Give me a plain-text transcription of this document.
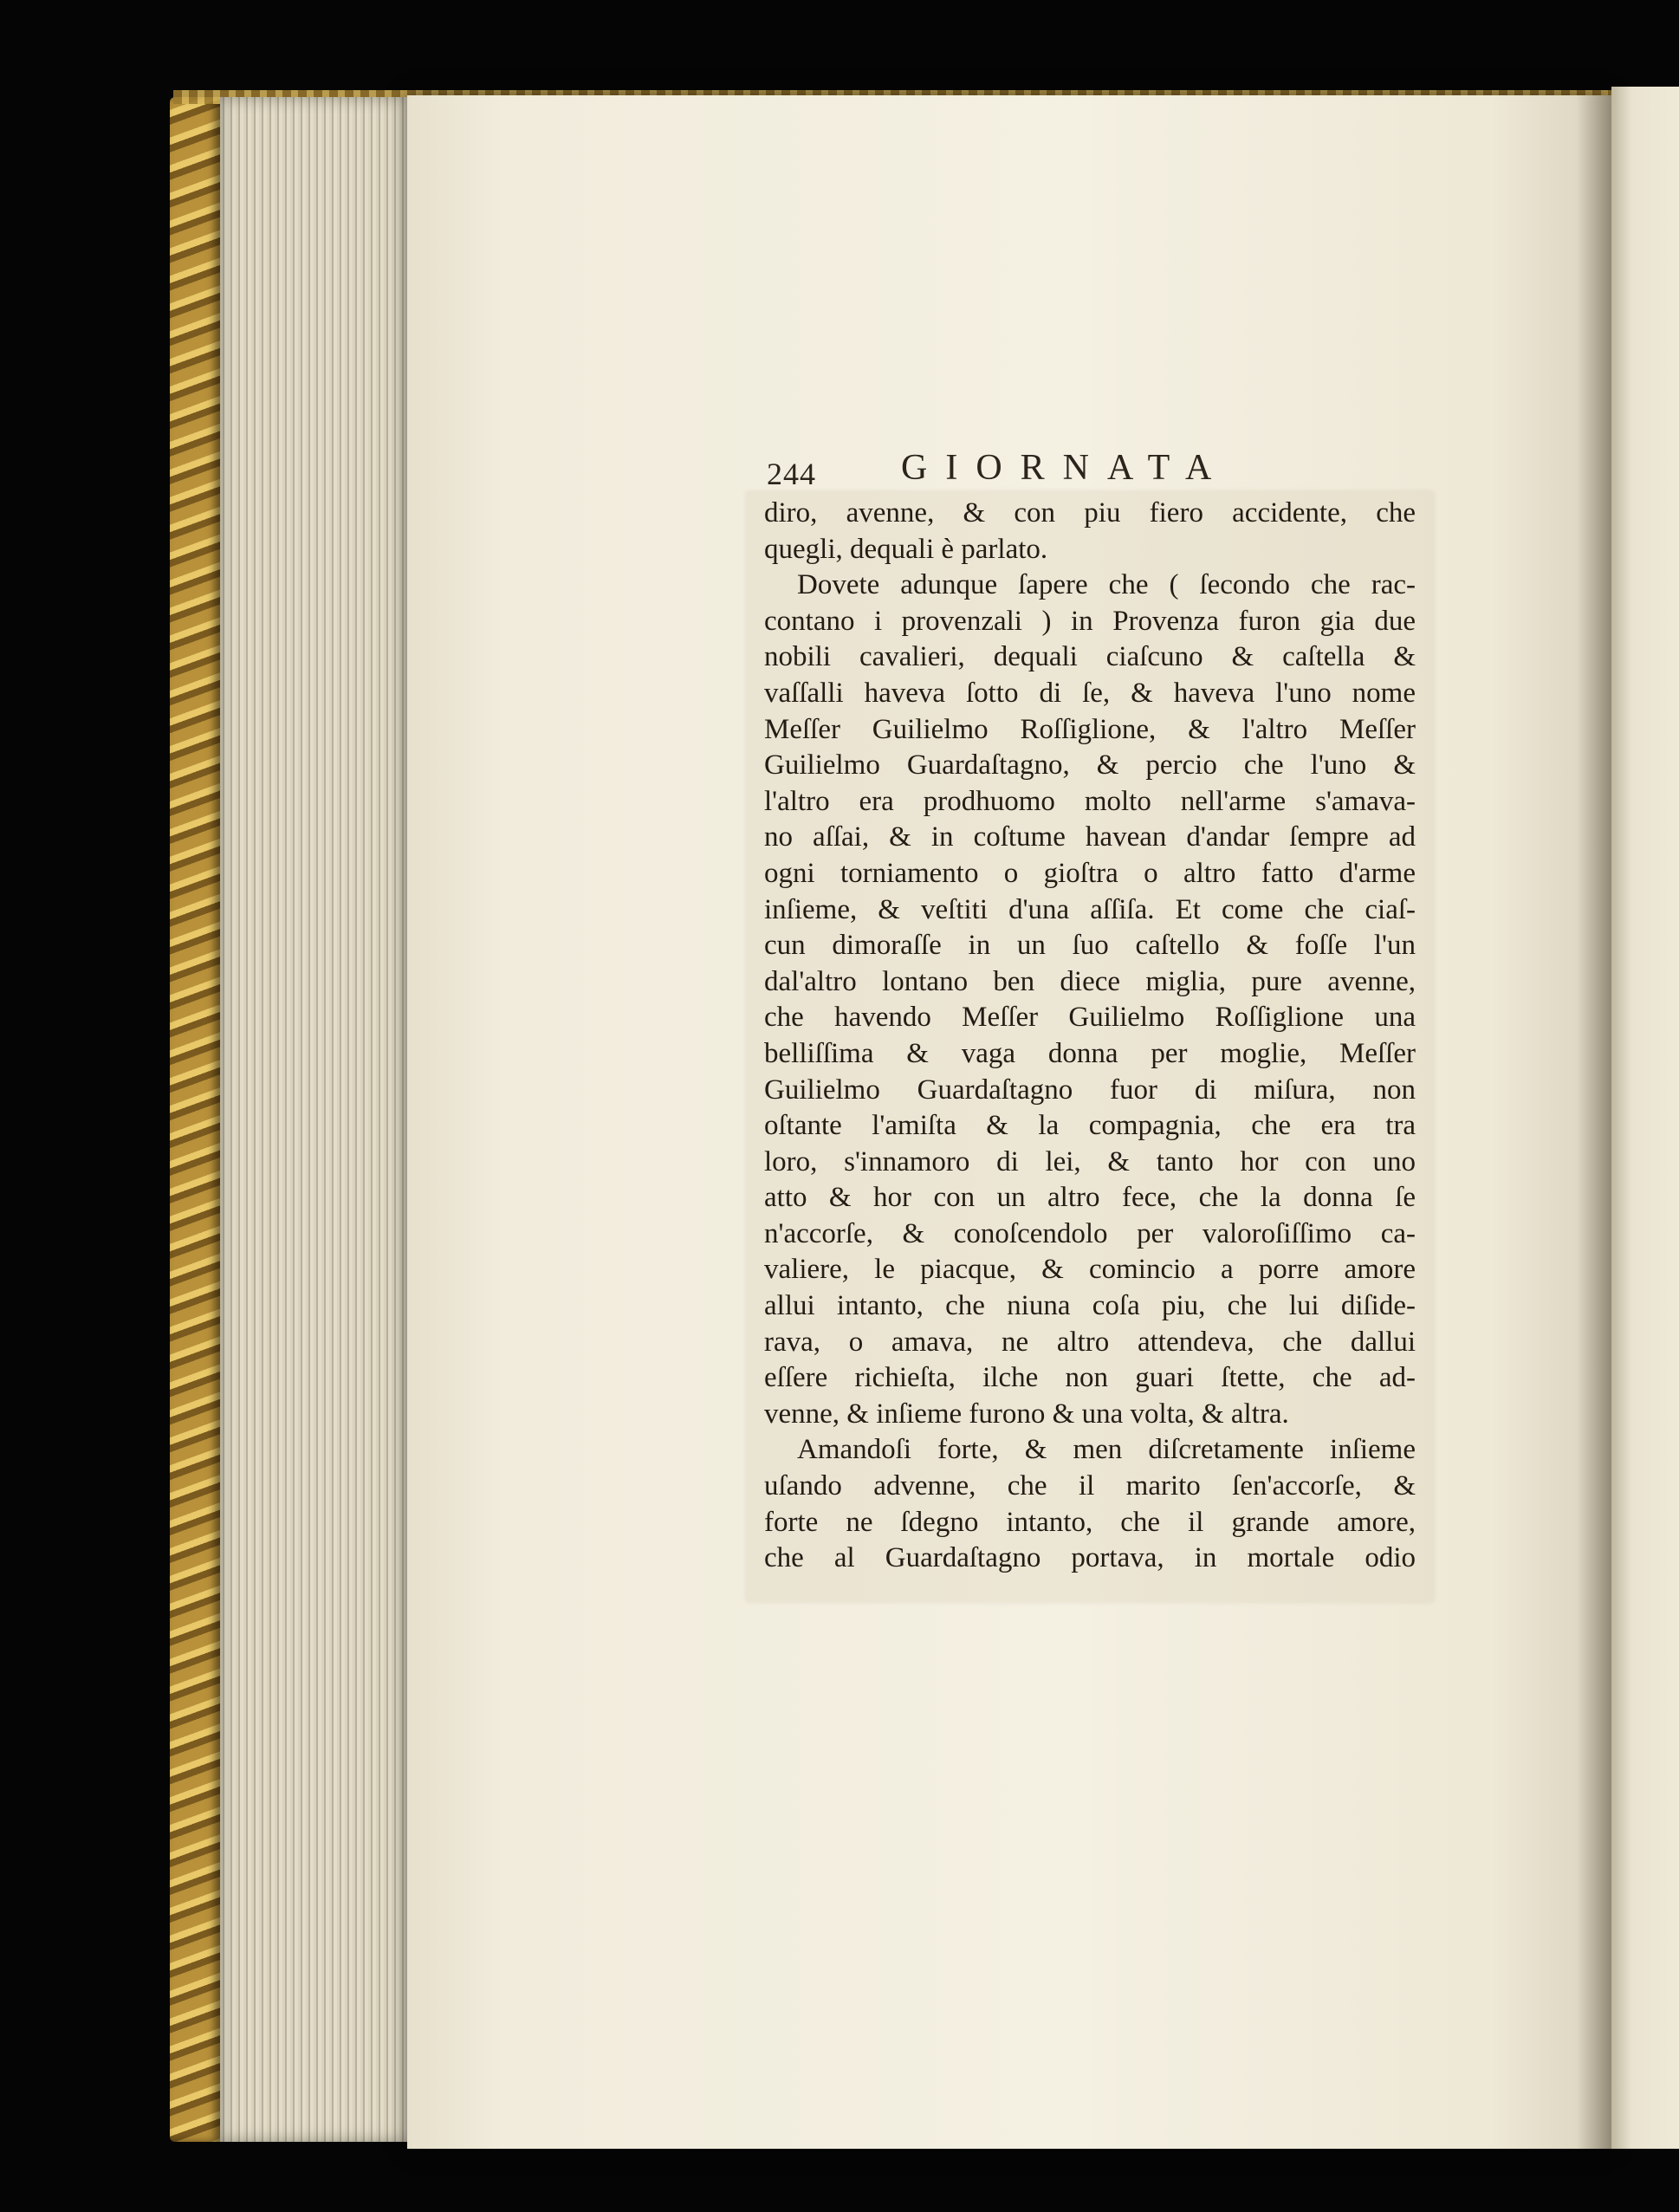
244 GIORNATA
diro, avenne, & con piu fiero accidente, che
quegli, dequali è parlato.
Dovete adunque ſapere che ( ſecondo che rac-
contano i provenzali ) in Provenza furon gia due
nobili cavalieri, dequali ciaſcuno & caſtella &
vaſſalli haveva ſotto di ſe, & haveva l'uno nome
Meſſer Guilielmo Roſſiglione, & l'altro Meſſer
Guilielmo Guardaſtagno, & percio che l'uno &
l'altro era prodhuomo molto nell'arme s'amava-
no aſſai, & in coſtume havean d'andar ſempre ad
ogni torniamento o gioſtra o altro fatto d'arme
inſieme, & veſtiti d'una aſſiſa. Et come che ciaſ-
cun dimoraſſe in un ſuo caſtello & foſſe l'un
dal'altro lontano ben diece miglia, pure avenne,
che havendo Meſſer Guilielmo Roſſiglione una
belliſſima & vaga donna per moglie, Meſſer
Guilielmo Guardaſtagno fuor di miſura, non
oſtante l'amiſta & la compagnia, che era tra
loro, s'innamoro di lei, & tanto hor con uno
atto & hor con un altro fece, che la donna ſe
n'accorſe, & conoſcendolo per valoroſiſſimo ca-
valiere, le piacque, & comincio a porre amore
allui intanto, che niuna coſa piu, che lui diſide-
rava, o amava, ne altro attendeva, che dallui
eſſere richieſta, ilche non guari ſtette, che ad-
venne, & inſieme furono & una volta, & altra.
Amandoſi forte, & men diſcretamente inſieme
uſando advenne, che il marito ſen'accorſe, &
forte ne ſdegno intanto, che il grande amore,
che al Guardaſtagno portava, in mortale odio
